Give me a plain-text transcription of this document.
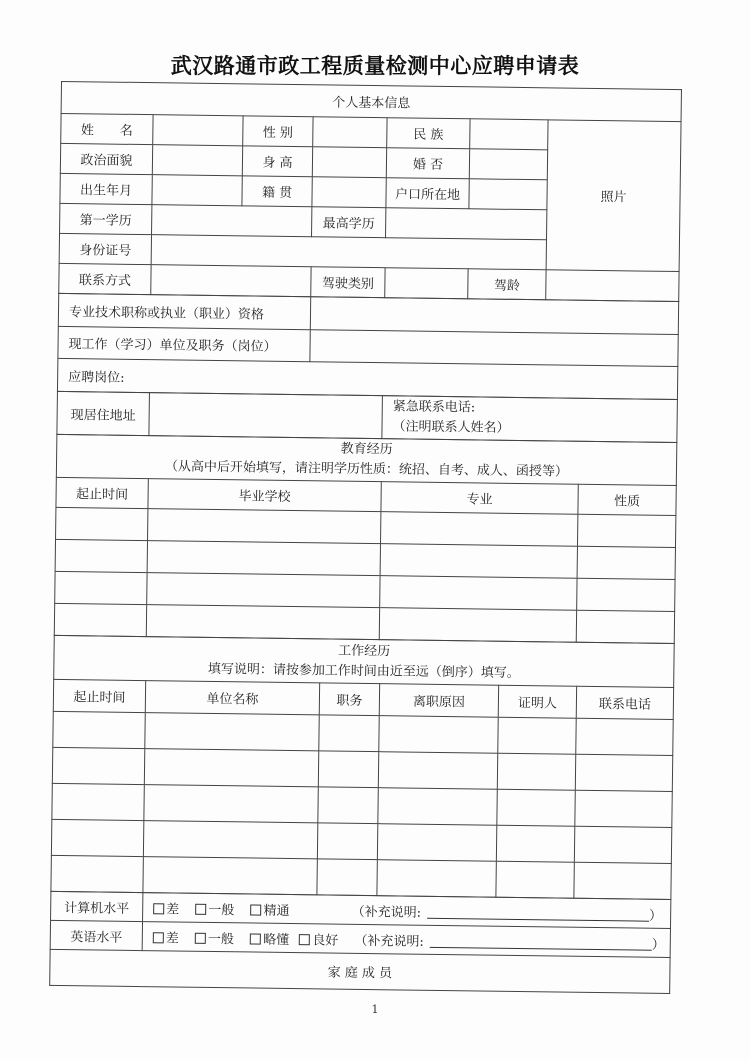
武汉路通市政工程质量检测中心应聘申请表
个人基本信息						
姓　　名		性 别		民 族		照片
政治面貌		身 高		婚 否		
出生年月		籍 贯		户口所在地		
第一学历			最高学历			
身份证号						
联系方式			驾驶类别		驾龄	
专业技术职称或执业（职业）资格	
现工作（学习）单位及职务（岗位）	
应聘岗位:	
现居住地址		
紧急联系电话:
（注明联系人姓名）
教育经历
（从高中后开始填写，请注明学历性质：统招、自考、成人、函授等）			

起止时间	毕业学校	专业	性质

工作经历
填写说明：请按参加工作时间由近至远（倒序）填写。					

起止时间	单位名称	职务	离职原因	证明人	联系电话

计算机水平	差 一般 精通 （补充说明: ）
英语水平	差 一般 略懂 良好 （补充说明: ）
家 庭 成 员	
1
